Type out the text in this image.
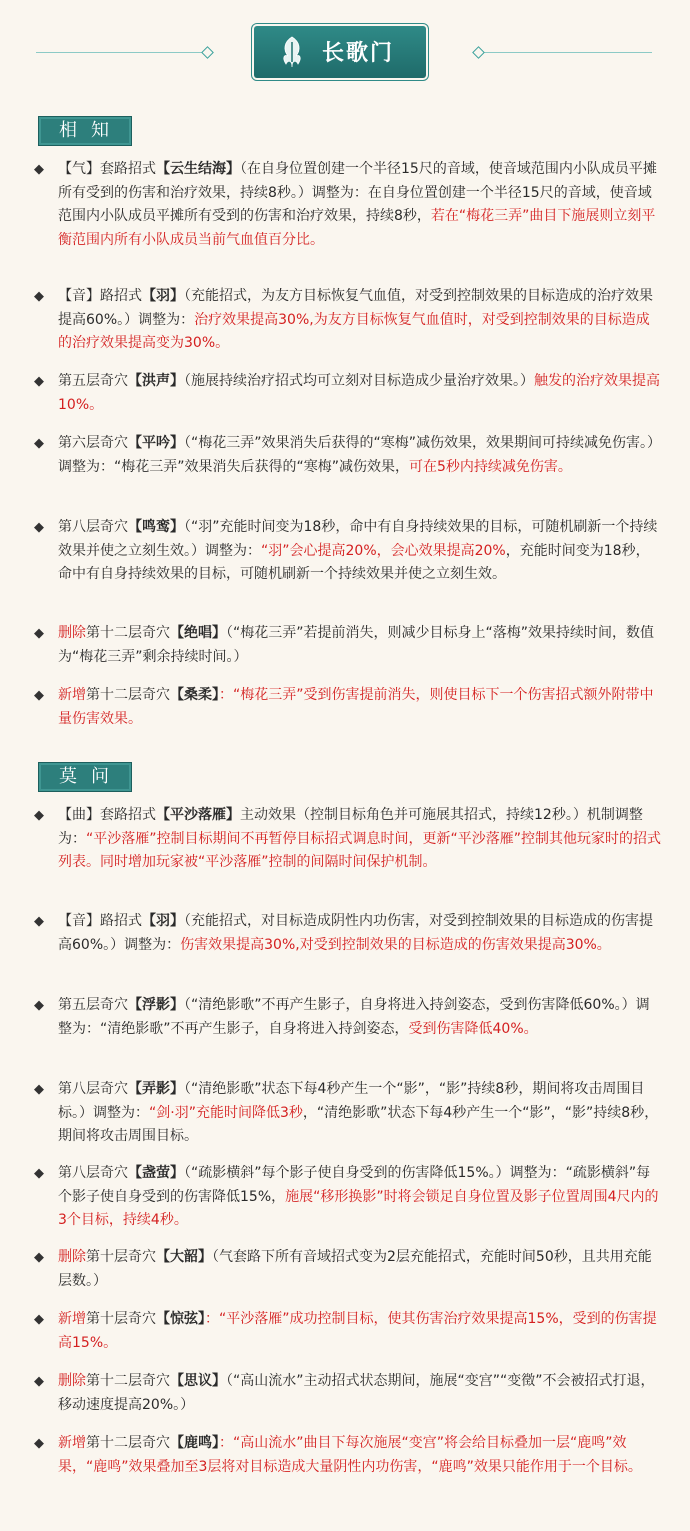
长歌门
相知
◆ 【气】套路招式【云生结海】（在自身位置创建一个半径15尺的音域，使音域范围内小队成员平摊所有受到的伤害和治疗效果，持续8秒。）调整为：在自身位置创建一个半径15尺的音域，使音域范围内小队成员平摊所有受到的伤害和治疗效果，持续8秒，若在“梅花三弄”曲目下施展则立刻平衡范围内所有小队成员当前气血值百分比。
◆ 【音】路招式【羽】（充能招式，为友方目标恢复气血值，对受到控制效果的目标造成的治疗效果提高60%。）调整为：治疗效果提高30%,为友方目标恢复气血值时，对受到控制效果的目标造成的治疗效果提高变为30%。
◆ 第五层奇穴【洪声】（施展持续治疗招式均可立刻对目标造成少量治疗效果。）触发的治疗效果提高10%。
◆ 第六层奇穴【平吟】（“梅花三弄”效果消失后获得的“寒梅”减伤效果，效果期间可持续减免伤害。）调整为：“梅花三弄”效果消失后获得的“寒梅”减伤效果，可在5秒内持续减免伤害。
◆ 第八层奇穴【鸣鸾】（“羽”充能时间变为18秒，命中有自身持续效果的目标，可随机刷新一个持续效果并使之立刻生效。）调整为：“羽”会心提高20%，会心效果提高20%，充能时间变为18秒，命中有自身持续效果的目标，可随机刷新一个持续效果并使之立刻生效。
◆ 删除第十二层奇穴【绝唱】（“梅花三弄”若提前消失，则减少目标身上“落梅”效果持续时间，数值为“梅花三弄”剩余持续时间。）
◆ 新增第十二层奇穴【桑柔】：“梅花三弄”受到伤害提前消失，则使目标下一个伤害招式额外附带中量伤害效果。
莫问
◆ 【曲】套路招式【平沙落雁】主动效果（控制目标角色并可施展其招式，持续12秒。）机制调整为：“平沙落雁”控制目标期间不再暂停目标招式调息时间，更新“平沙落雁”控制其他玩家时的招式列表。同时增加玩家被“平沙落雁”控制的间隔时间保护机制。
◆ 【音】路招式【羽】（充能招式，对目标造成阴性内功伤害，对受到控制效果的目标造成的伤害提高60%。）调整为：伤害效果提高30%,对受到控制效果的目标造成的伤害效果提高30%。
◆ 第五层奇穴【浮影】（“清绝影歌”不再产生影子，自身将进入持剑姿态，受到伤害降低60%。）调整为：“清绝影歌”不再产生影子，自身将进入持剑姿态，受到伤害降低40%。
◆ 第八层奇穴【弄影】（“清绝影歌”状态下每4秒产生一个“影”，“影”持续8秒，期间将攻击周围目标。）调整为：“剑·羽”充能时间降低3秒，“清绝影歌”状态下每4秒产生一个“影”，“影”持续8秒，期间将攻击周围目标。
◆ 第八层奇穴【盏萤】（“疏影横斜”每个影子使自身受到的伤害降低15%。）调整为：“疏影横斜”每个影子使自身受到的伤害降低15%，施展“移形换影”时将会锁足自身位置及影子位置周围4尺内的3个目标，持续4秒。
◆ 删除第十层奇穴【大韶】（气套路下所有音域招式变为2层充能招式，充能时间50秒，且共用充能层数。）
◆ 新增第十层奇穴【惊弦】：“平沙落雁”成功控制目标，使其伤害治疗效果提高15%，受到的伤害提高15%。
◆ 删除第十二层奇穴【思议】（“高山流水”主动招式状态期间，施展“变宫”“变徵”不会被招式打退，移动速度提高20%。）
◆ 新增第十二层奇穴【鹿鸣】：“高山流水”曲目下每次施展“变宫”将会给目标叠加一层“鹿鸣”效果，“鹿鸣”效果叠加至3层将对目标造成大量阴性内功伤害，“鹿鸣”效果只能作用于一个目标。
